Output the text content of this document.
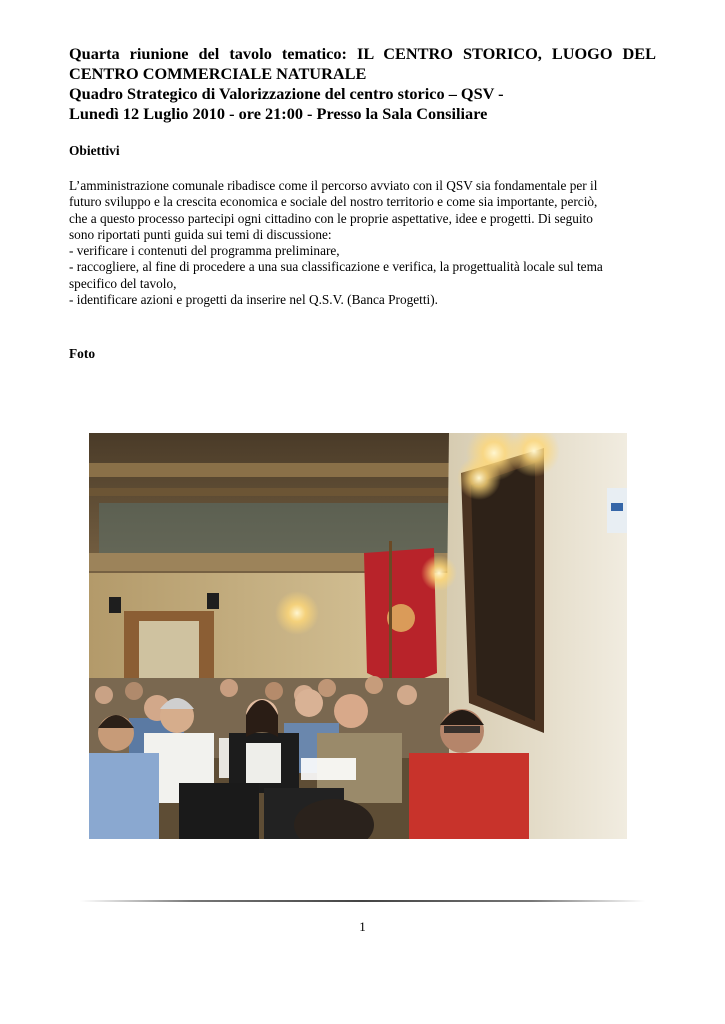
Quarta riunione del tavolo tematico: IL CENTRO STORICO, LUOGO DEL
CENTRO COMMERCIALE NATURALE
Quadro Strategico di Valorizzazione del centro storico – QSV -
Lunedì 12 Luglio 2010 - ore 21:00 - Presso la Sala Consiliare
Obiettivi
L’amministrazione comunale ribadisce come il percorso avviato con il QSV sia fondamentale per il
futuro sviluppo e la crescita economica e sociale del nostro territorio e come sia importante, perciò,
che a questo processo partecipi ogni cittadino con le proprie aspettative, idee e progetti. Di seguito
sono riportati punti guida sui temi di discussione:
- verificare i contenuti del programma preliminare,
- raccogliere, al fine di procedere a una sua classificazione e verifica, la progettualità locale sul tema
specifico del tavolo,
- identificare azioni e progetti da inserire nel Q.S.V. (Banca Progetti).
Foto
1
